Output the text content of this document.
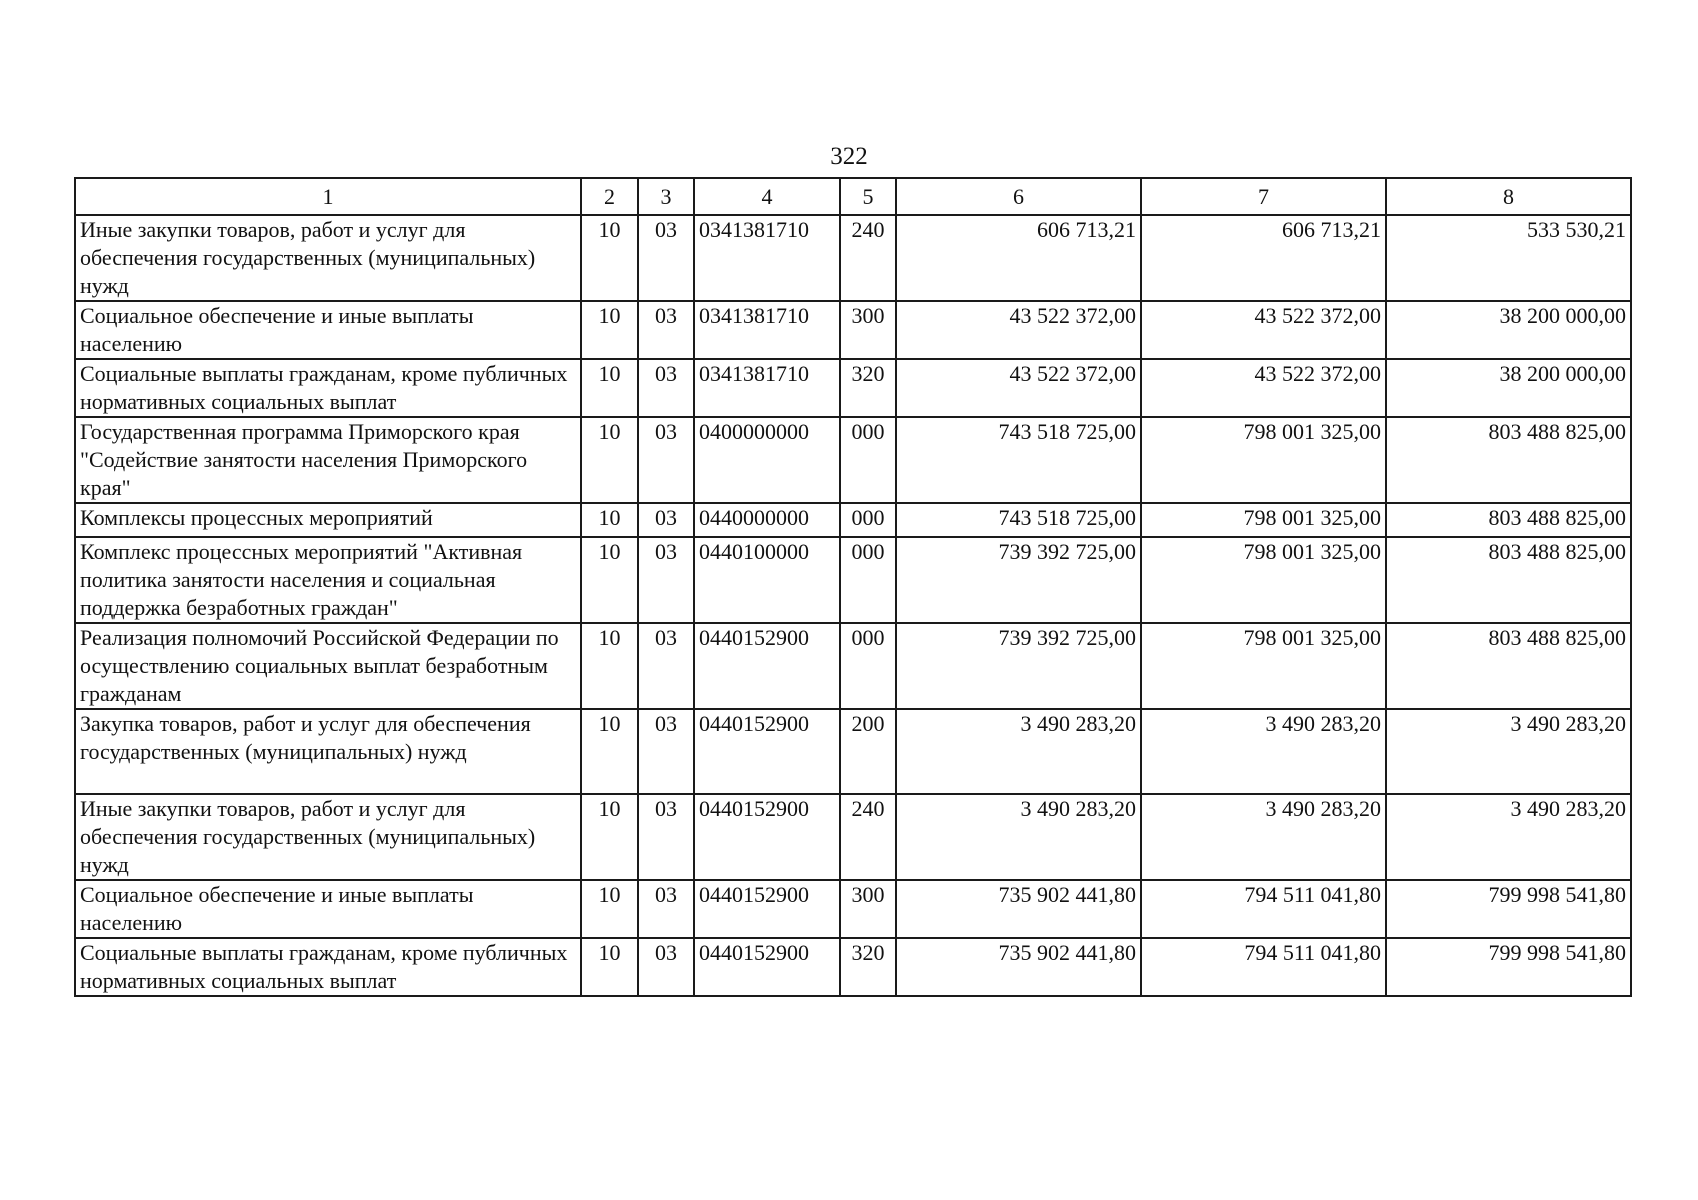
322
1	2	3	4	5	6	7	8
Иные закупки товаров, работ и услуг для обеспечения государственных (муниципальных) нужд	10	03	0341381710	240	606 713,21	606 713,21	533 530,21
Социальное обеспечение и иные выплаты населению	10	03	0341381710	300	43 522 372,00	43 522 372,00	38 200 000,00
Социальные выплаты гражданам, кроме публичных нормативных социальных выплат	10	03	0341381710	320	43 522 372,00	43 522 372,00	38 200 000,00
Государственная программа Приморского края "Содействие занятости населения Приморского края"	10	03	0400000000	000	743 518 725,00	798 001 325,00	803 488 825,00
Комплексы процессных мероприятий	10	03	0440000000	000	743 518 725,00	798 001 325,00	803 488 825,00
Комплекс процессных мероприятий "Активная политика занятости населения и социальная поддержка безработных граждан"	10	03	0440100000	000	739 392 725,00	798 001 325,00	803 488 825,00
Реализация полномочий Российской Федерации по осуществлению социальных выплат безработным гражданам	10	03	0440152900	000	739 392 725,00	798 001 325,00	803 488 825,00
Закупка товаров, работ и услуг для обеспечения государственных (муниципальных) нужд	10	03	0440152900	200	3 490 283,20	3 490 283,20	3 490 283,20
Иные закупки товаров, работ и услуг для обеспечения государственных (муниципальных) нужд	10	03	0440152900	240	3 490 283,20	3 490 283,20	3 490 283,20
Социальное обеспечение и иные выплаты населению	10	03	0440152900	300	735 902 441,80	794 511 041,80	799 998 541,80
Социальные выплаты гражданам, кроме публичных нормативных социальных выплат	10	03	0440152900	320	735 902 441,80	794 511 041,80	799 998 541,80
